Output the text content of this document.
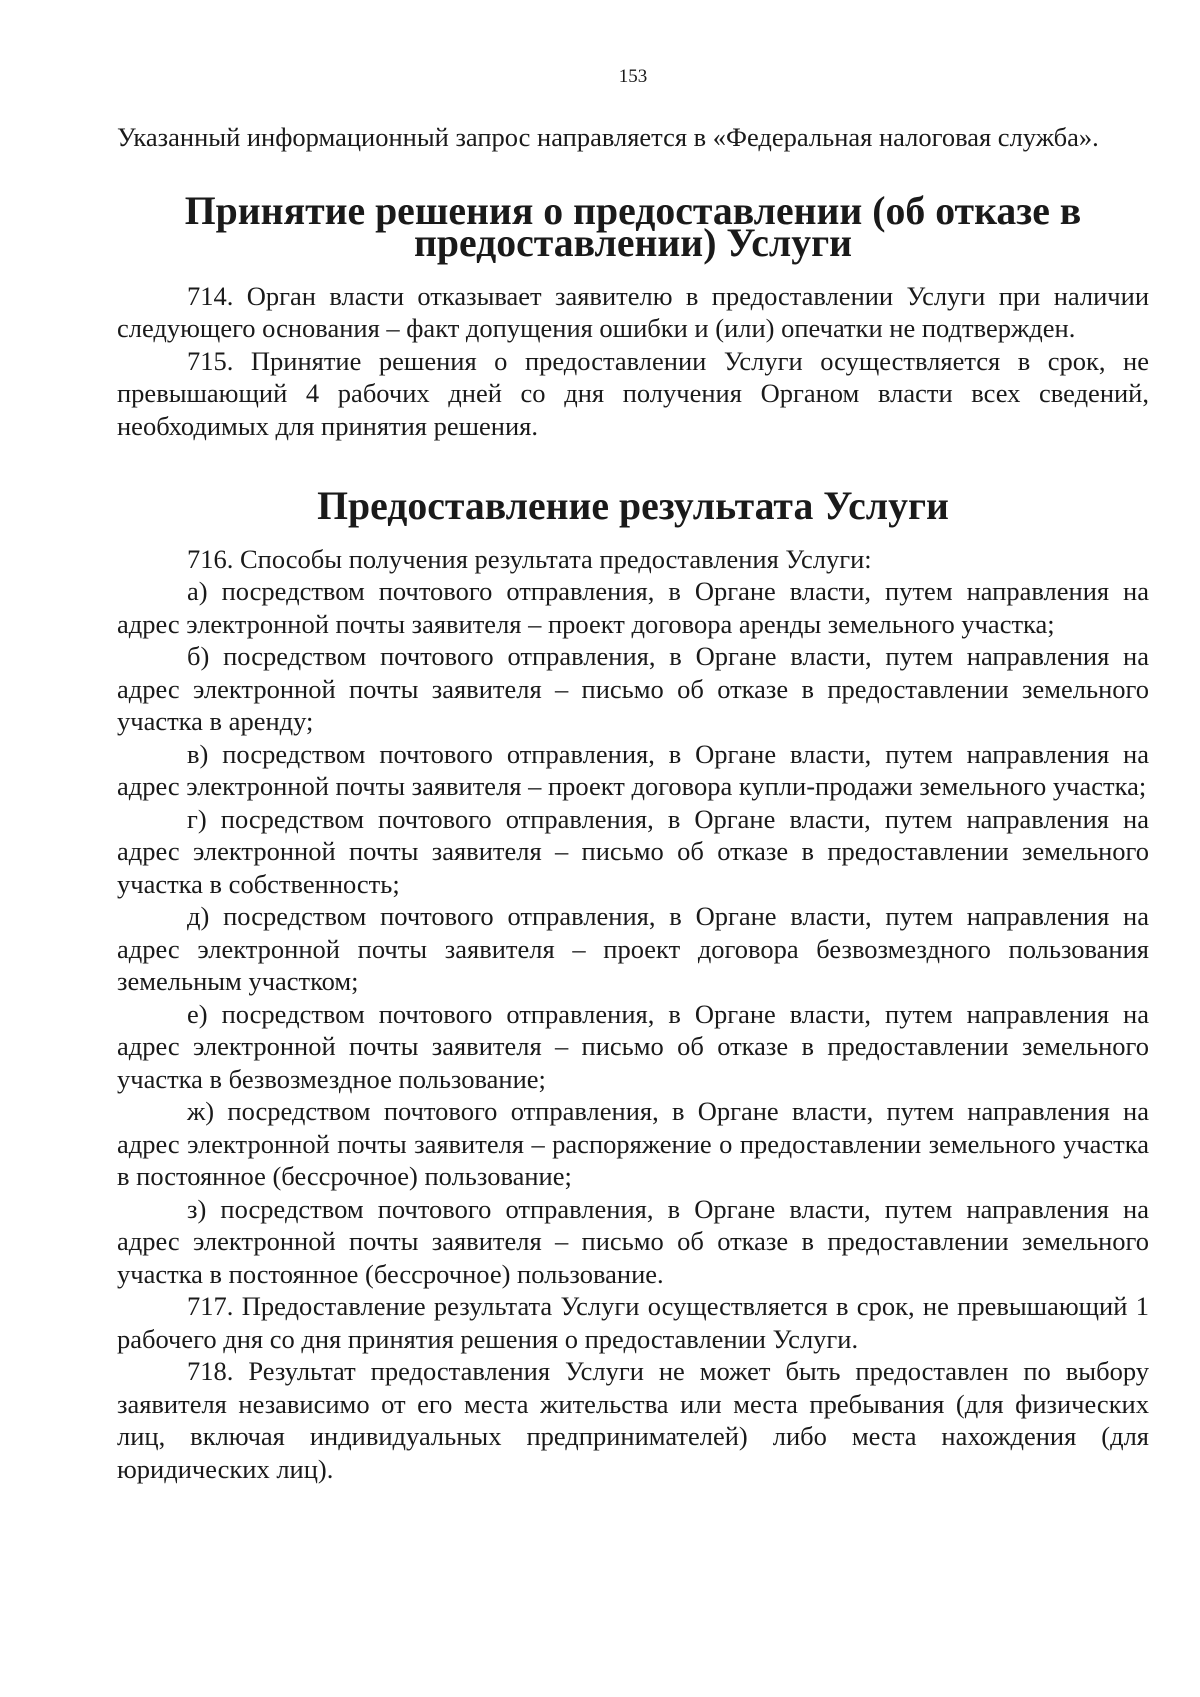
153

Указанный информационный запрос направляется в «Федеральная налоговая служба».

Принятие решения о предоставлении (об отказе в предоставлении) Услуги

714. Орган власти отказывает заявителю в предоставлении Услуги при наличии следующего основания – факт допущения ошибки и (или) опечатки не подтвержден.

715. Принятие решения о предоставлении Услуги осуществляется в срок, не превышающий 4 рабочих дней со дня получения Органом власти всех сведений, необходимых для принятия решения.

Предоставление результата Услуги

716. Способы получения результата предоставления Услуги:

а) посредством почтового отправления, в Органе власти, путем направления на адрес электронной почты заявителя – проект договора аренды земельного участка;

б) посредством почтового отправления, в Органе власти, путем направления на адрес электронной почты заявителя – письмо об отказе в предоставлении земельного участка в аренду;

в) посредством почтового отправления, в Органе власти, путем направления на адрес электронной почты заявителя – проект договора купли-продажи земельного участка;

г) посредством почтового отправления, в Органе власти, путем направления на адрес электронной почты заявителя – письмо об отказе в предоставлении земельного участка в собственность;

д) посредством почтового отправления, в Органе власти, путем направления на адрес электронной почты заявителя – проект договора безвозмездного пользования земельным участком;

е) посредством почтового отправления, в Органе власти, путем направления на адрес электронной почты заявителя – письмо об отказе в предоставлении земельного участка в безвозмездное пользование;

ж) посредством почтового отправления, в Органе власти, путем направления на адрес электронной почты заявителя – распоряжение о предоставлении земельного участка в постоянное (бессрочное) пользование;

з) посредством почтового отправления, в Органе власти, путем направления на адрес электронной почты заявителя – письмо об отказе в предоставлении земельного участка в постоянное (бессрочное) пользование.

717. Предоставление результата Услуги осуществляется в срок, не превышающий 1 рабочего дня со дня принятия решения о предоставлении Услуги.

718. Результат предоставления Услуги не может быть предоставлен по выбору заявителя независимо от его места жительства или места пребывания (для физических лиц, включая индивидуальных предпринимателей) либо места нахождения (для юридических лиц).
